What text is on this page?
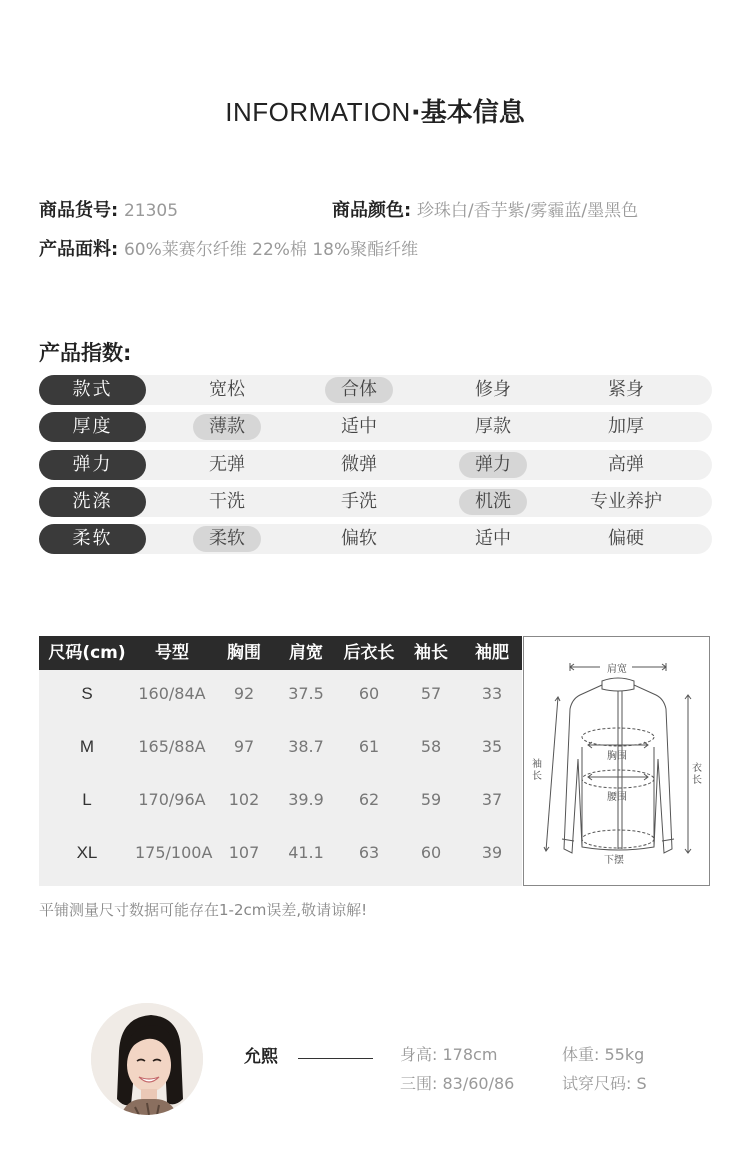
INFORMATION·基本信息
商品货号: 21305	商品颜色: 珍珠白/香芋紫/雾霾蓝/墨黑色
产品面料: 60%莱赛尔纤维 22%棉 18%聚酯纤维
产品指数:
款式	宽松	合体	修身	紧身
厚度	薄款	适中	厚款	加厚
弹力	无弹	微弹	弹力	高弹
洗涤	干洗	手洗	机洗	专业养护
柔软	柔软	偏软	适中	偏硬
尺码(cm)	号型	胸围	肩宽	后衣长	袖长	袖肥
S	160/84A	92	37.5	60	57	33
M	165/88A	97	38.7	61	58	35
L	170/96A	102	39.9	62	59	37
XL	175/100A	107	41.1	63	60	39
肩宽
胸围
腰围
下摆
袖
长
衣
长
平铺测量尺寸数据可能存在1-2cm误差,敬请谅解!
允熙	身高: 178cm	体重: 55kg
三围: 83/60/86	试穿尺码: S
